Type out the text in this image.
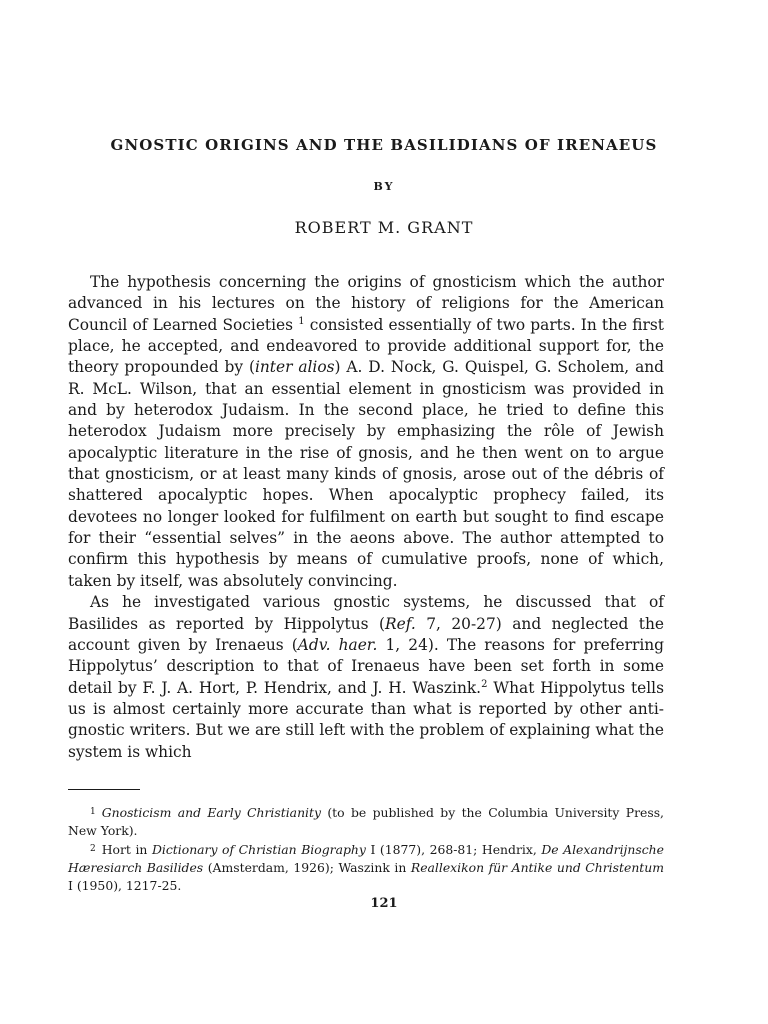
GNOSTIC ORIGINS AND THE BASILIDIANS OF IRENAEUS
BY
ROBERT M. GRANT

The hypothesis concerning the origins of gnosticism which the author advanced in his lectures on the history of religions for the American Council of Learned Societies $^1$ consisted essentially of two parts. In the first place, he accepted, and endeavored to provide additional support for, the theory propounded by (inter alios) A. D. Nock, G. Quispel, G. Scholem, and R. McL. Wilson, that an essential element in gnosticism was provided in and by heterodox Judaism. In the second place, he tried to define this heterodox Judaism more precisely by emphasizing the rôle of Jewish apocalyptic literature in the rise of gnosis, and he then went on to argue that gnosticism, or at least many kinds of gnosis, arose out of the débris of shattered apocalyptic hopes. When apocalyptic prophecy failed, its devotees no longer looked for fulfilment on earth but sought to find escape for their “essential selves” in the aeons above. The author attempted to confirm this hypothesis by means of cumulative proofs, none of which, taken by itself, was absolutely convincing.

As he investigated various gnostic systems, he discussed that of Basilides as reported by Hippolytus (Ref. 7, 20-27) and neglected the account given by Irenaeus (Adv. haer. 1, 24). The reasons for preferring Hippolytus’ description to that of Irenaeus have been set forth in some detail by F. J. A. Hort, P. Hendrix, and J. H. Waszink.$^2$ What Hippolytus tells us is almost certainly more accurate than what is reported by other anti-gnostic writers. But we are still left with the problem of explaining what the system is which

$^1$ Gnosticism and Early Christianity (to be published by the Columbia University Press, New York).

$^2$ Hort in Dictionary of Christian Biography I (1877), 268-81; Hendrix, De Alexandrijnsche Hæresiarch Basilides (Amsterdam, 1926); Waszink in Reallexikon für Antike und Christentum I (1950), 1217-25.

121
